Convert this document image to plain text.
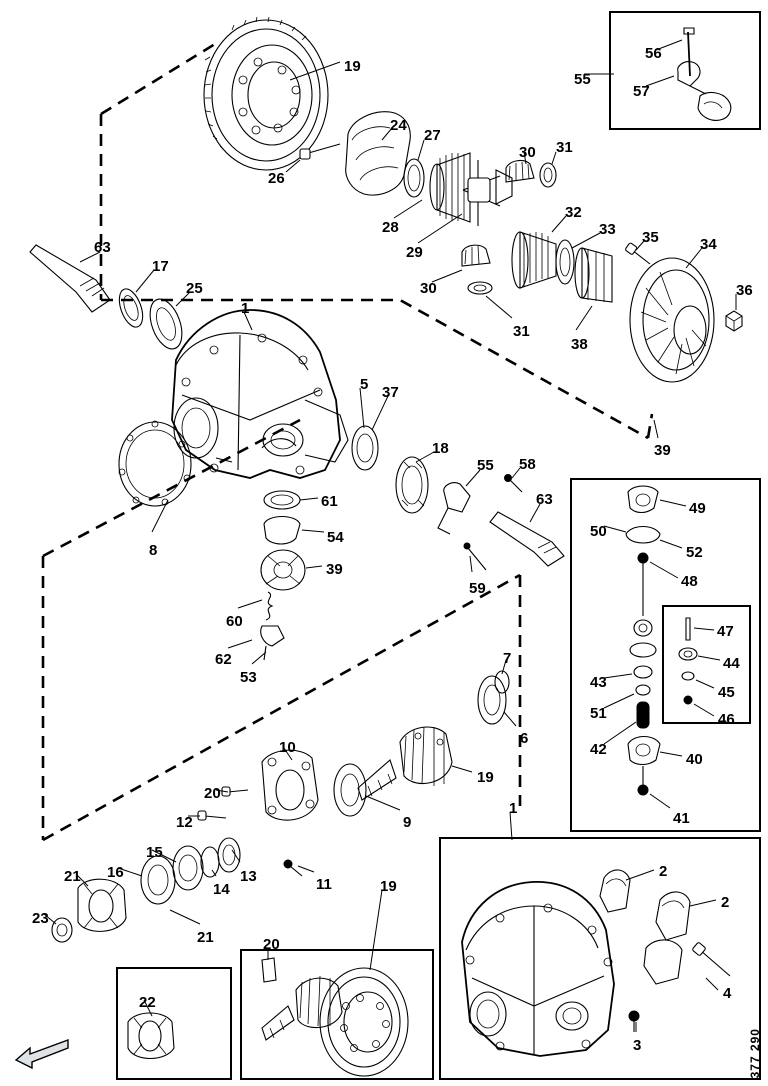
19
24
27
30 31
26
28
29
32
33 35	34
36
30
31
38
63
17
25
1
39
5 37
18
55 58
63
8
61
54
39
60
62
53
59
49
50
52
48
47
44
43
45
51	46
42
40
41
7
6
10
19
20
9
12
1
15
16
11
21
14
13
19
23
21	20
2
2
22
4
3
55
56
57
377 290
